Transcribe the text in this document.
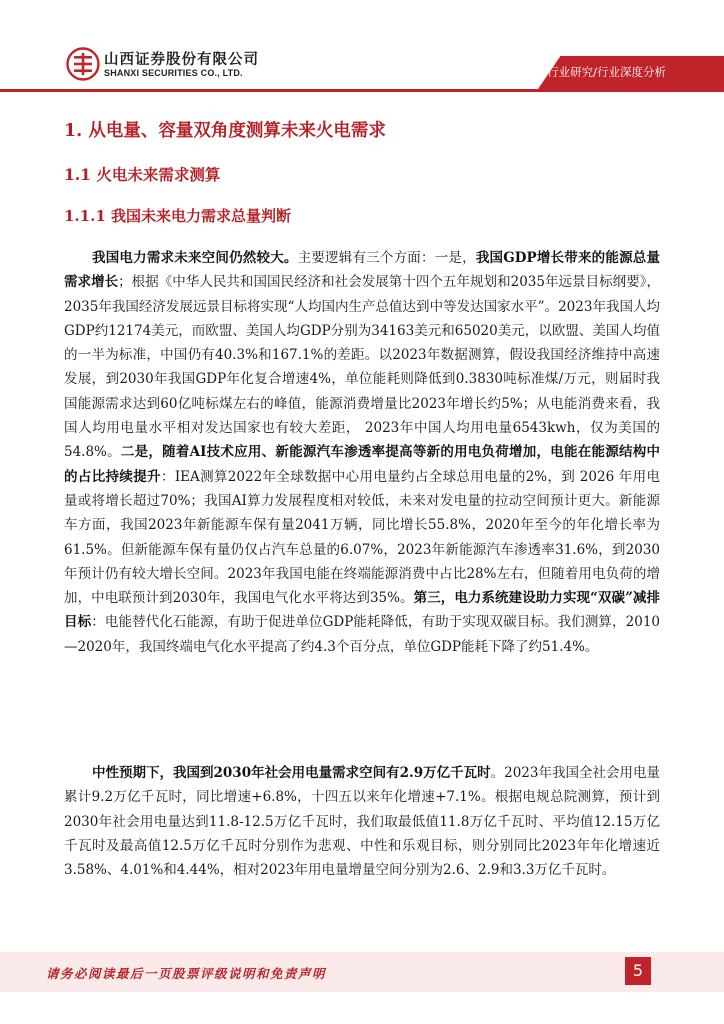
山西证券股份有限公司
SHANXI SECURITIES CO., LTD.	行业研究/行业深度分析
1. 从电量、容量双角度测算未来火电需求
1.1 火电未来需求测算
1.1.1 我国未来电力需求总量判断
我国电力需求未来空间仍然较大。主要逻辑有三个方面：一是，我国GDP增长带来的能源总量需求增长；根据《中华人民共和国国民经济和社会发展第十四个五年规划和2035年远景目标纲要》，2035年我国经济发展远景目标将实现“人均国内生产总值达到中等发达国家水平”。2023年我国人均GDP约12174美元，而欧盟、美国人均GDP分别为34163美元和65020美元，以欧盟、美国人均值的一半为标准，中国仍有40.3%和167.1%的差距。以2023年数据测算，假设我国经济维持中高速发展，到2030年我国GDP年化复合增速4%，单位能耗则降低到0.3830吨标准煤/万元，则届时我国能源需求达到60亿吨标煤左右的峰值，能源消费增量比2023年增长约5%；从电能消费来看，我国人均用电量水平相对发达国家也有较大差距， 2023年中国人均用电量6543kwh，仅为美国的54.8%。二是，随着AI技术应用、新能源汽车渗透率提高等新的用电负荷增加，电能在能源结构中的占比持续提升：IEA测算2022年全球数据中心用电量约占全球总用电量的2%，到 2026 年用电量或将增长超过70%；我国AI算力发展程度相对较低，未来对发电量的拉动空间预计更大。新能源车方面，我国2023年新能源车保有量2041万辆，同比增长55.8%，2020年至今的年化增长率为61.5%。但新能源车保有量仍仅占汽车总量的6.07%，2023年新能源汽车渗透率31.6%，到2030年预计仍有较大增长空间。2023年我国电能在终端能源消费中占比28%左右，但随着用电负荷的增加，中电联预计到2030年，我国电气化水平将达到35%。第三，电力系统建设助力实现“双碳”减排目标：电能替代化石能源，有助于促进单位GDP能耗降低，有助于实现双碳目标。我们测算，2010—2020年，我国终端电气化水平提高了约4.3个百分点，单位GDP能耗下降了约51.4%。
中性预期下，我国到2030年社会用电量需求空间有2.9万亿千瓦时。2023年我国全社会用电量累计9.2万亿千瓦时，同比增速+6.8%，十四五以来年化增速+7.1%。根据电规总院测算，预计到2030年社会用电量达到11.8-12.5万亿千瓦时，我们取最低值11.8万亿千瓦时、平均值12.15万亿千瓦时及最高值12.5万亿千瓦时分别作为悲观、中性和乐观目标，则分别同比2023年年化增速近3.58%、4.01%和4.44%，相对2023年用电量增量空间分别为2.6、2.9和3.3万亿千瓦时。
请务必阅读最后一页股票评级说明和免责声明	5
